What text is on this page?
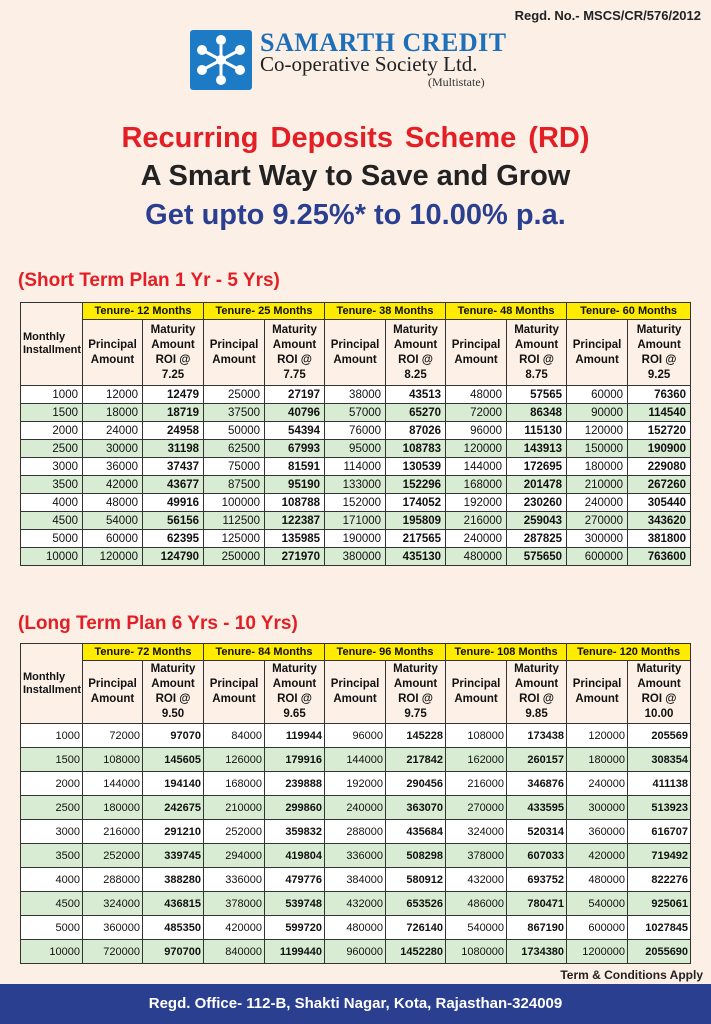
Regd. No.- MSCS/CR/576/2012
SAMARTH CREDIT
Co-operative Society Ltd.
(Multistate)
Recurring Deposits Scheme (RD)
A Smart Way to Save and Grow
Get upto 9.25%* to 10.00% p.a.
(Short Term Plan 1 Yr - 5 Yrs)
Monthly Installment	Tenure- 12 Months		Tenure- 25 Months		Tenure- 38 Months		Tenure- 48 Months		Tenure- 60 Months	
	Principal Amount	Maturity Amount ROI @ 7.25	Principal Amount	Maturity Amount ROI @ 7.75	Principal Amount	Maturity Amount ROI @ 8.25	Principal Amount	Maturity Amount ROI @ 8.75	Principal Amount	Maturity Amount ROI @ 9.25
1000	12000	12479	25000	27197	38000	43513	48000	57565	60000	76360
1500	18000	18719	37500	40796	57000	65270	72000	86348	90000	114540
2000	24000	24958	50000	54394	76000	87026	96000	115130	120000	152720
2500	30000	31198	62500	67993	95000	108783	120000	143913	150000	190900
3000	36000	37437	75000	81591	114000	130539	144000	172695	180000	229080
3500	42000	43677	87500	95190	133000	152296	168000	201478	210000	267260
4000	48000	49916	100000	108788	152000	174052	192000	230260	240000	305440
4500	54000	56156	112500	122387	171000	195809	216000	259043	270000	343620
5000	60000	62395	125000	135985	190000	217565	240000	287825	300000	381800
10000	120000	124790	250000	271970	380000	435130	480000	575650	600000	763600
(Long Term Plan 6 Yrs - 10 Yrs)
Monthly Installment	Tenure- 72 Months		Tenure- 84 Months		Tenure- 96 Months		Tenure- 108 Months		Tenure- 120 Months	
	Principal Amount	Maturity Amount ROI @ 9.50	Principal Amount	Maturity Amount ROI @ 9.65	Principal Amount	Maturity Amount ROI @ 9.75	Principal Amount	Maturity Amount ROI @ 9.85	Principal Amount	Maturity Amount ROI @ 10.00
1000	72000	97070	84000	119944	96000	145228	108000	173438	120000	205569
1500	108000	145605	126000	179916	144000	217842	162000	260157	180000	308354
2000	144000	194140	168000	239888	192000	290456	216000	346876	240000	411138
2500	180000	242675	210000	299860	240000	363070	270000	433595	300000	513923
3000	216000	291210	252000	359832	288000	435684	324000	520314	360000	616707
3500	252000	339745	294000	419804	336000	508298	378000	607033	420000	719492
4000	288000	388280	336000	479776	384000	580912	432000	693752	480000	822276
4500	324000	436815	378000	539748	432000	653526	486000	780471	540000	925061
5000	360000	485350	420000	599720	480000	726140	540000	867190	600000	1027845
10000	720000	970700	840000	1199440	960000	1452280	1080000	1734380	1200000	2055690
Term & Conditions Apply
Regd. Office- 112-B, Shakti Nagar, Kota, Rajasthan-324009
